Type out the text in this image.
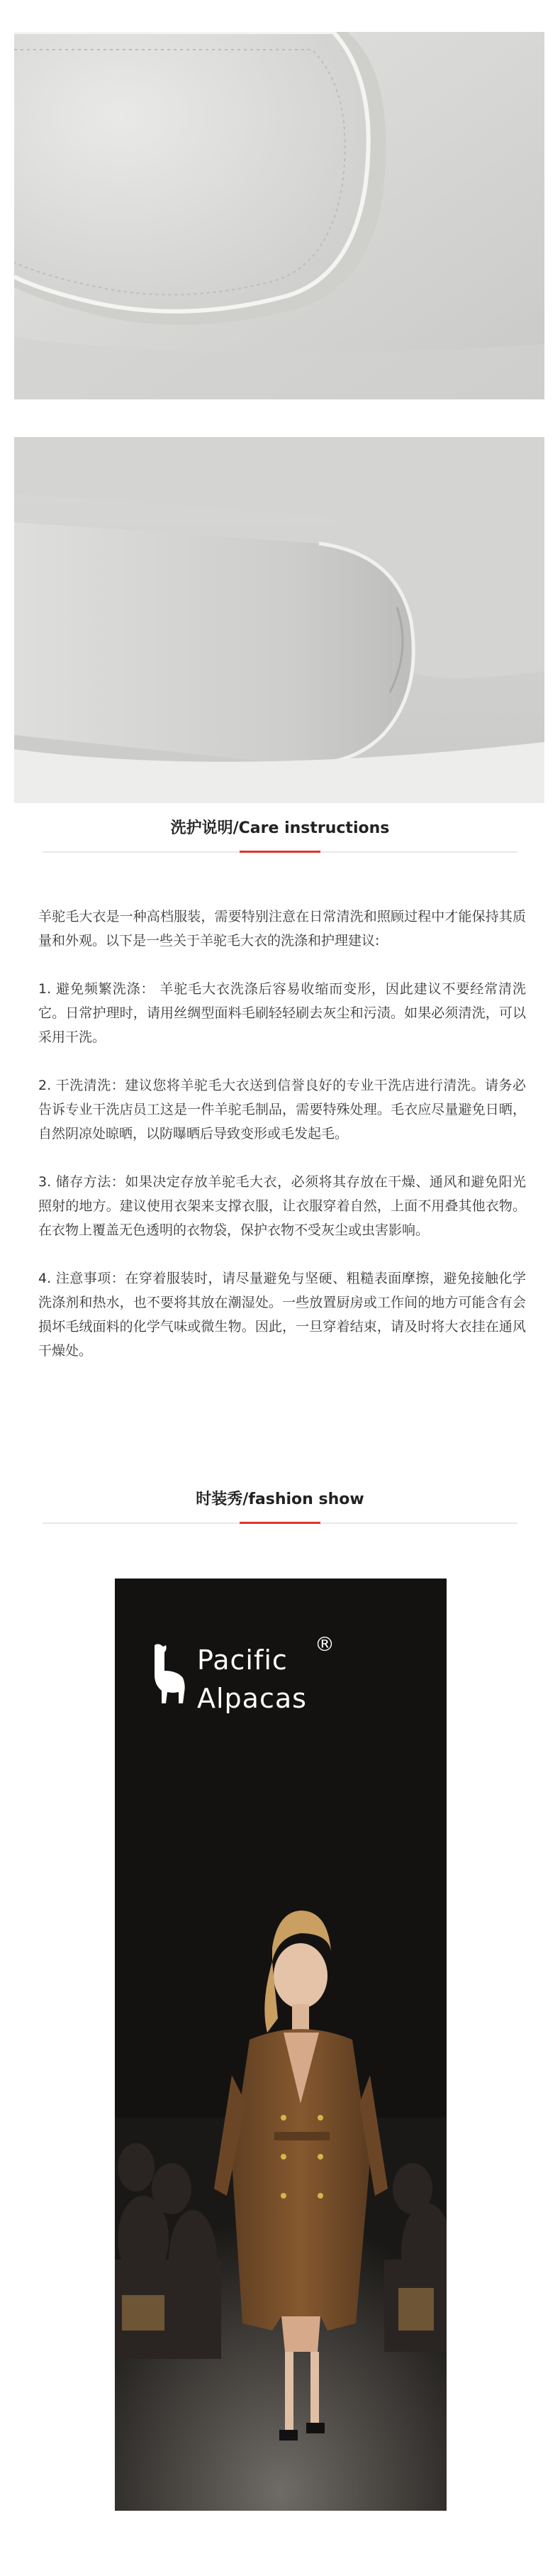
洗护说明/Care instructions

羊驼毛大衣是一种高档服装，需要特别注意在日常清洗和照顾过程中才能保持其质量和外观。以下是一些关于羊驼毛大衣的洗涤和护理建议:

1. 避免频繁洗涤： 羊驼毛大衣洗涤后容易收缩而变形，因此建议不要经常清洗它。日常护理时，请用丝绸型面料毛刷轻轻刷去灰尘和污渍。如果必须清洗，可以采用干洗。

2. 干洗清洗：建议您将羊驼毛大衣送到信誉良好的专业干洗店进行清洗。请务必告诉专业干洗店员工这是一件羊驼毛制品，需要特殊处理。毛衣应尽量避免日晒，自然阴凉处晾晒，以防曝晒后导致变形或毛发起毛。

3. 储存方法：如果决定存放羊驼毛大衣，必须将其存放在干燥、通风和避免阳光照射的地方。建议使用衣架来支撑衣服，让衣服穿着自然，上面不用叠其他衣物。在衣物上覆盖无色透明的衣物袋，保护衣物不受灰尘或虫害影响。

4. 注意事项：在穿着服装时，请尽量避免与坚硬、粗糙表面摩擦，避免接触化学洗涤剂和热水，也不要将其放在潮湿处。一些放置厨房或工作间的地方可能含有会损坏毛绒面料的化学气味或微生物。因此，一旦穿着结束，请及时将大衣挂在通风干燥处。

时装秀/fashion show
Pacific
Alpacas
®
